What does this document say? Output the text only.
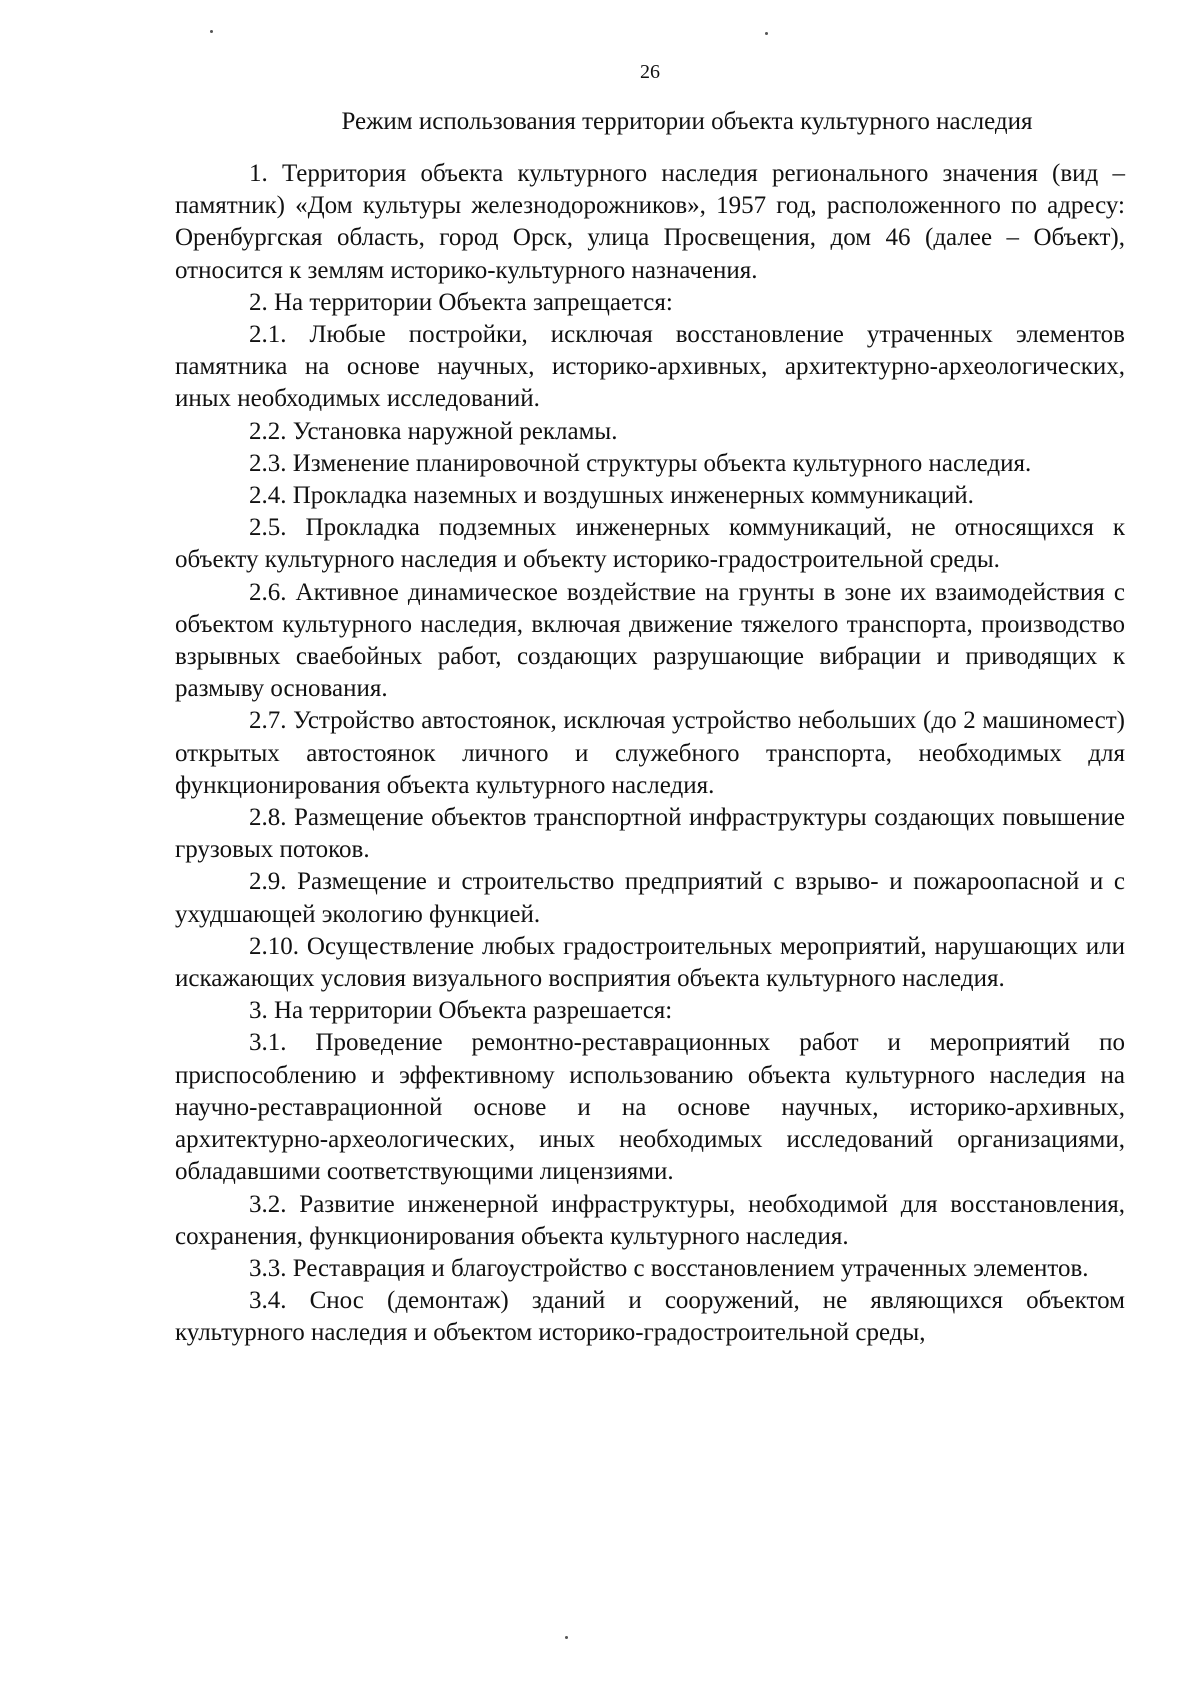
26
Режим использования территории объекта культурного наследия

1. Территория объекта культурного наследия регионального значения (вид – памятник) «Дом культуры железнодорожников», 1957 год, расположенного по адресу: Оренбургская область, город Орск, улица Просвещения, дом 46 (далее – Объект), относится к землям историко-культурного назначения.

2. На территории Объекта запрещается:

2.1. Любые постройки, исключая восстановление утраченных элементов памятника на основе научных, историко-архивных, архитектурно-археологических, иных необходимых исследований.

2.2. Установка наружной рекламы.

2.3. Изменение планировочной структуры объекта культурного наследия.

2.4. Прокладка наземных и воздушных инженерных коммуникаций.

2.5. Прокладка подземных инженерных коммуникаций, не относящихся к объекту культурного наследия и объекту историко-градостроительной среды.

2.6. Активное динамическое воздействие на грунты в зоне их взаимодействия с объектом культурного наследия, включая движение тяжелого транспорта, производство взрывных свaебойных работ, создающих разрушающие вибрации и приводящих к размыву основания.

2.7. Устройство автостоянок, исключая устройство небольших (до 2 машиномест) открытых автостоянок личного и служебного транспорта, необходимых для функционирования объекта культурного наследия.

2.8. Размещение объектов транспортной инфраструктуры создающих повышение грузовых потоков.

2.9. Размещение и строительство предприятий с взрыво- и пожароопасной и с ухудшающей экологию функцией.

2.10. Осуществление любых градостроительных мероприятий, нарушающих или искажающих условия визуального восприятия объекта культурного наследия.

3. На территории Объекта разрешается:

3.1. Проведение ремонтно-реставрационных работ и мероприятий по приспособлению и эффективному использованию объекта культурного наследия на научно-реставрационной основе и на основе научных, историко-архивных, архитектурно-археологических, иных необходимых исследований организациями, обладавшими соответствующими лицензиями.

3.2. Развитие инженерной инфраструктуры, необходимой для восстановления, сохранения, функционирования объекта культурного наследия.

3.3. Реставрация и благоустройство с восстановлением утраченных элементов.

3.4. Снос (демонтаж) зданий и сооружений, не являющихся объектом культурного наследия и объектом историко-градостроительной среды,
